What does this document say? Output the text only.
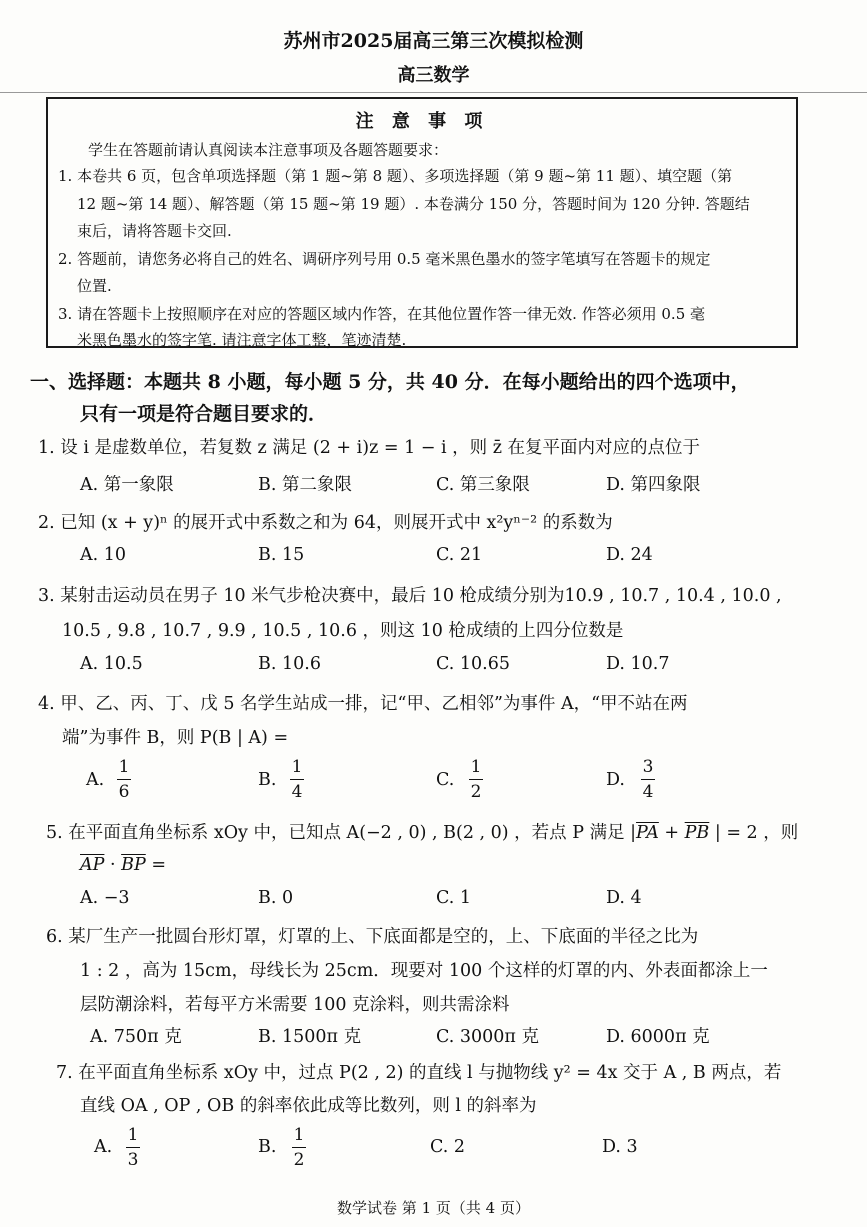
苏州市2025届高三第三次模拟检测
高三数学
注 意 事 项
学生在答题前请认真阅读本注意事项及各题答题要求：
1. 本卷共 6 页，包含单项选择题（第 1 题~第 8 题）、多项选择题（第 9 题~第 11 题）、填空题（第
12 题~第 14 题）、解答题（第 15 题~第 19 题）. 本卷满分 150 分，答题时间为 120 分钟. 答题结
束后，请将答题卡交回.
2. 答题前，请您务必将自己的姓名、调研序列号用 0.5 毫米黑色墨水的签字笔填写在答题卡的规定
位置.
3. 请在答题卡上按照顺序在对应的答题区域内作答，在其他位置作答一律无效. 作答必须用 0.5 毫
米黑色墨水的签字笔. 请注意字体工整，笔迹清楚.
一、选择题：本题共 8 小题，每小题 5 分，共 40 分．在每小题给出的四个选项中，
只有一项是符合题目要求的．
1. 设 i 是虚数单位，若复数 z 满足 (2 + i)z = 1 − i ，则 z̄ 在复平面内对应的点位于
A. 第一象限	B. 第二象限	C. 第三象限	D. 第四象限
2. 已知 (x + y)ⁿ 的展开式中系数之和为 64，则展开式中 x²yⁿ⁻² 的系数为
A. 10	B. 15	C. 21	D. 24
3. 某射击运动员在男子 10 米气步枪决赛中，最后 10 枪成绩分别为10.9 , 10.7 , 10.4 , 10.0 ,
10.5 , 9.8 , 10.7 , 9.9 , 10.5 , 10.6 ，则这 10 枪成绩的上四分位数是
A. 10.5	B. 10.6	C. 10.65	D. 10.7
4. 甲、乙、丙、丁、戊 5 名学生站成一排，记“甲、乙相邻”为事件 A，“甲不站在两
端”为事件 B，则 P(B | A) =
A.
1
6
B.
1
4
C.
1
2
D.
3
4
5. 在平面直角坐标系 xOy 中，已知点 A(−2 , 0) , B(2 , 0) ，若点 P 满足 $|\overline{PA} + \overline{PB}$ | = 2 ，则
$\overline{AP} \cdot \overline{BP}$ =
A. −3	B. 0	C. 1	D. 4
6. 某厂生产一批圆台形灯罩，灯罩的上、下底面都是空的，上、下底面的半径之比为
1 : 2 ，高为 15cm，母线长为 25cm．现要对 100 个这样的灯罩的内、外表面都涂上一
层防潮涂料，若每平方米需要 100 克涂料，则共需涂料
A. 750π 克	B. 1500π 克	C. 3000π 克	D. 6000π 克
7. 在平面直角坐标系 xOy 中，过点 P(2 , 2) 的直线 l 与抛物线 y² = 4x 交于 A , B 两点，若
直线 OA , OP , OB 的斜率依此成等比数列，则 l 的斜率为
A.
1
3
B.
1
2
C. 2	D. 3
数学试卷 第 1 页（共 4 页）
